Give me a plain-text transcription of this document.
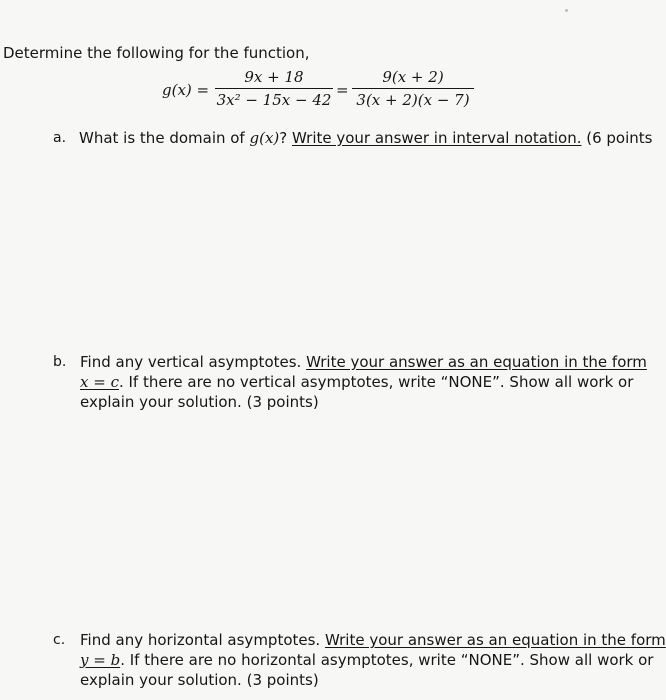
Determine the following for the function,
g(x) =
9x + 18
3x² − 15x − 42
=
9(x + 2)
3(x + 2)(x − 7)
a. What is the domain of g(x)? Write your answer in interval notation. (6 points
b. Find any vertical asymptotes. Write your answer as an equation in the form
x = c. If there are no vertical asymptotes, write “NONE”. Show all work or
explain your solution. (3 points)
c. Find any horizontal asymptotes. Write your answer as an equation in the form
y = b. If there are no horizontal asymptotes, write “NONE”. Show all work or
explain your solution. (3 points)
